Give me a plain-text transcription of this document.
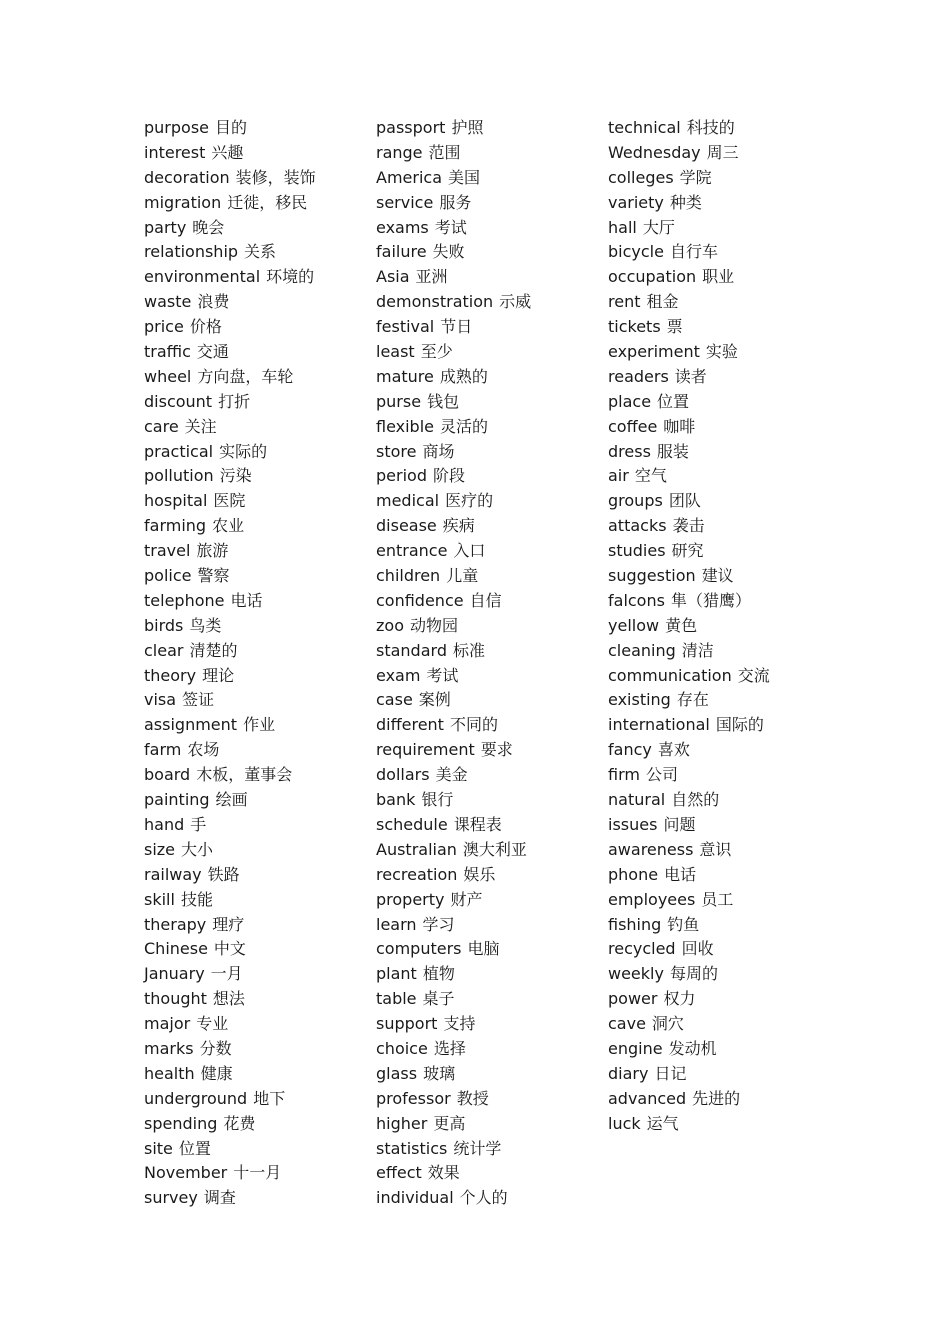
purpose 目的
interest 兴趣
decoration 装修，装饰
migration 迁徙，移民
party 晚会
relationship 关系
environmental 环境的
waste 浪费
price 价格
traffic 交通
wheel 方向盘，车轮
discount 打折
care 关注
practical 实际的
pollution 污染
hospital 医院
farming 农业
travel 旅游
police 警察
telephone 电话
birds 鸟类
clear 清楚的
theory 理论
visa 签证
assignment 作业
farm 农场
board 木板，董事会
painting 绘画
hand 手
size 大小
railway 铁路
skill 技能
therapy 理疗
Chinese 中文
January 一月
thought 想法
major 专业
marks 分数
health 健康
underground 地下
spending 花费
site 位置
November 十一月
survey 调查
passport 护照
range 范围
America 美国
service 服务
exams 考试
failure 失败
Asia 亚洲
demonstration 示威
festival 节日
least 至少
mature 成熟的
purse 钱包
flexible 灵活的
store 商场
period 阶段
medical 医疗的
disease 疾病
entrance 入口
children 儿童
confidence 自信
zoo 动物园
standard 标准
exam 考试
case 案例
different 不同的
requirement 要求
dollars 美金
bank 银行
schedule 课程表
Australian 澳大利亚
recreation 娱乐
property 财产
learn 学习
computers 电脑
plant 植物
table 桌子
support 支持
choice 选择
glass 玻璃
professor 教授
higher 更高
statistics 统计学
effect 效果
individual 个人的
technical 科技的
Wednesday 周三
colleges 学院
variety 种类
hall 大厅
bicycle 自行车
occupation 职业
rent 租金
tickets 票
experiment 实验
readers 读者
place 位置
coffee 咖啡
dress 服装
air 空气
groups 团队
attacks 袭击
studies 研究
suggestion 建议
falcons 隼（猎鹰）
yellow 黄色
cleaning 清洁
communication 交流
existing 存在
international 国际的
fancy 喜欢
firm 公司
natural 自然的
issues 问题
awareness 意识
phone 电话
employees 员工
fishing 钓鱼
recycled 回收
weekly 每周的
power 权力
cave 洞穴
engine 发动机
diary 日记
advanced 先进的
luck 运气
